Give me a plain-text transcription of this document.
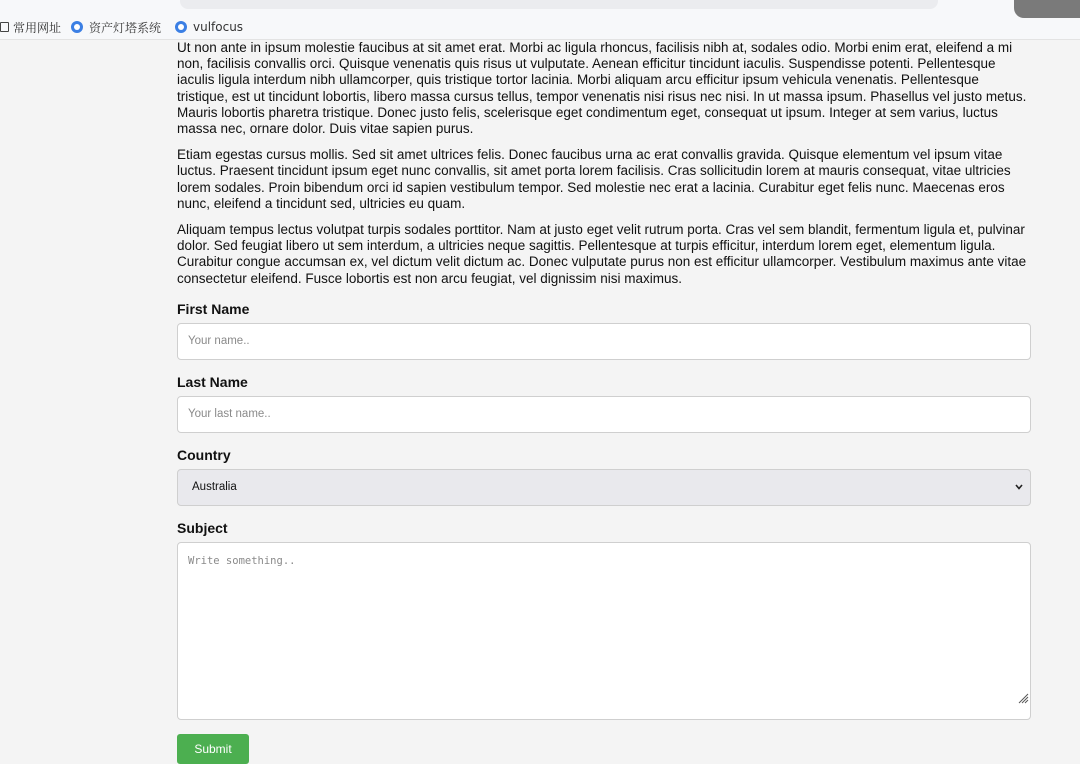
常用网址 资产灯塔系统	vulfocus

Ut non ante in ipsum molestie faucibus at sit amet erat. Morbi ac ligula rhoncus, facilisis nibh at, sodales odio. Morbi enim erat, eleifend a mi non, facilisis convallis orci. Quisque venenatis quis risus ut vulputate. Aenean efficitur tincidunt iaculis. Suspendisse potenti. Pellentesque iaculis ligula interdum nibh ullamcorper, quis tristique tortor lacinia. Morbi aliquam arcu efficitur ipsum vehicula venenatis. Pellentesque tristique, est ut tincidunt lobortis, libero massa cursus tellus, tempor venenatis nisi risus nec nisi. In ut massa ipsum. Phasellus vel justo metus. Mauris lobortis pharetra tristique. Donec justo felis, scelerisque eget condimentum eget, consequat ut ipsum. Integer at sem varius, luctus massa nec, ornare dolor. Duis vitae sapien purus.

Etiam egestas cursus mollis. Sed sit amet ultrices felis. Donec faucibus urna ac erat convallis gravida. Quisque elementum vel ipsum vitae luctus. Praesent tincidunt ipsum eget nunc convallis, sit amet porta lorem facilisis. Cras sollicitudin lorem at mauris consequat, vitae ultricies lorem sodales. Proin bibendum orci id sapien vestibulum tempor. Sed molestie nec erat a lacinia. Curabitur eget felis nunc. Maecenas eros nunc, eleifend a tincidunt sed, ultricies eu quam.

Aliquam tempus lectus volutpat turpis sodales porttitor. Nam at justo eget velit rutrum porta. Cras vel sem blandit, fermentum ligula et, pulvinar dolor. Sed feugiat libero ut sem interdum, a ultricies neque sagittis. Pellentesque at turpis efficitur, interdum lorem eget, elementum ligula. Curabitur congue accumsan ex, vel dictum velit dictum ac. Donec vulputate purus non est efficitur ullamcorper. Vestibulum maximus ante vitae consectetur eleifend. Fusce lobortis est non arcu feugiat, vel dignissim nisi maximus.

First Name
Your name..
Last Name
Your last name..
Country
Australia
Subject
Write something..
Submit
